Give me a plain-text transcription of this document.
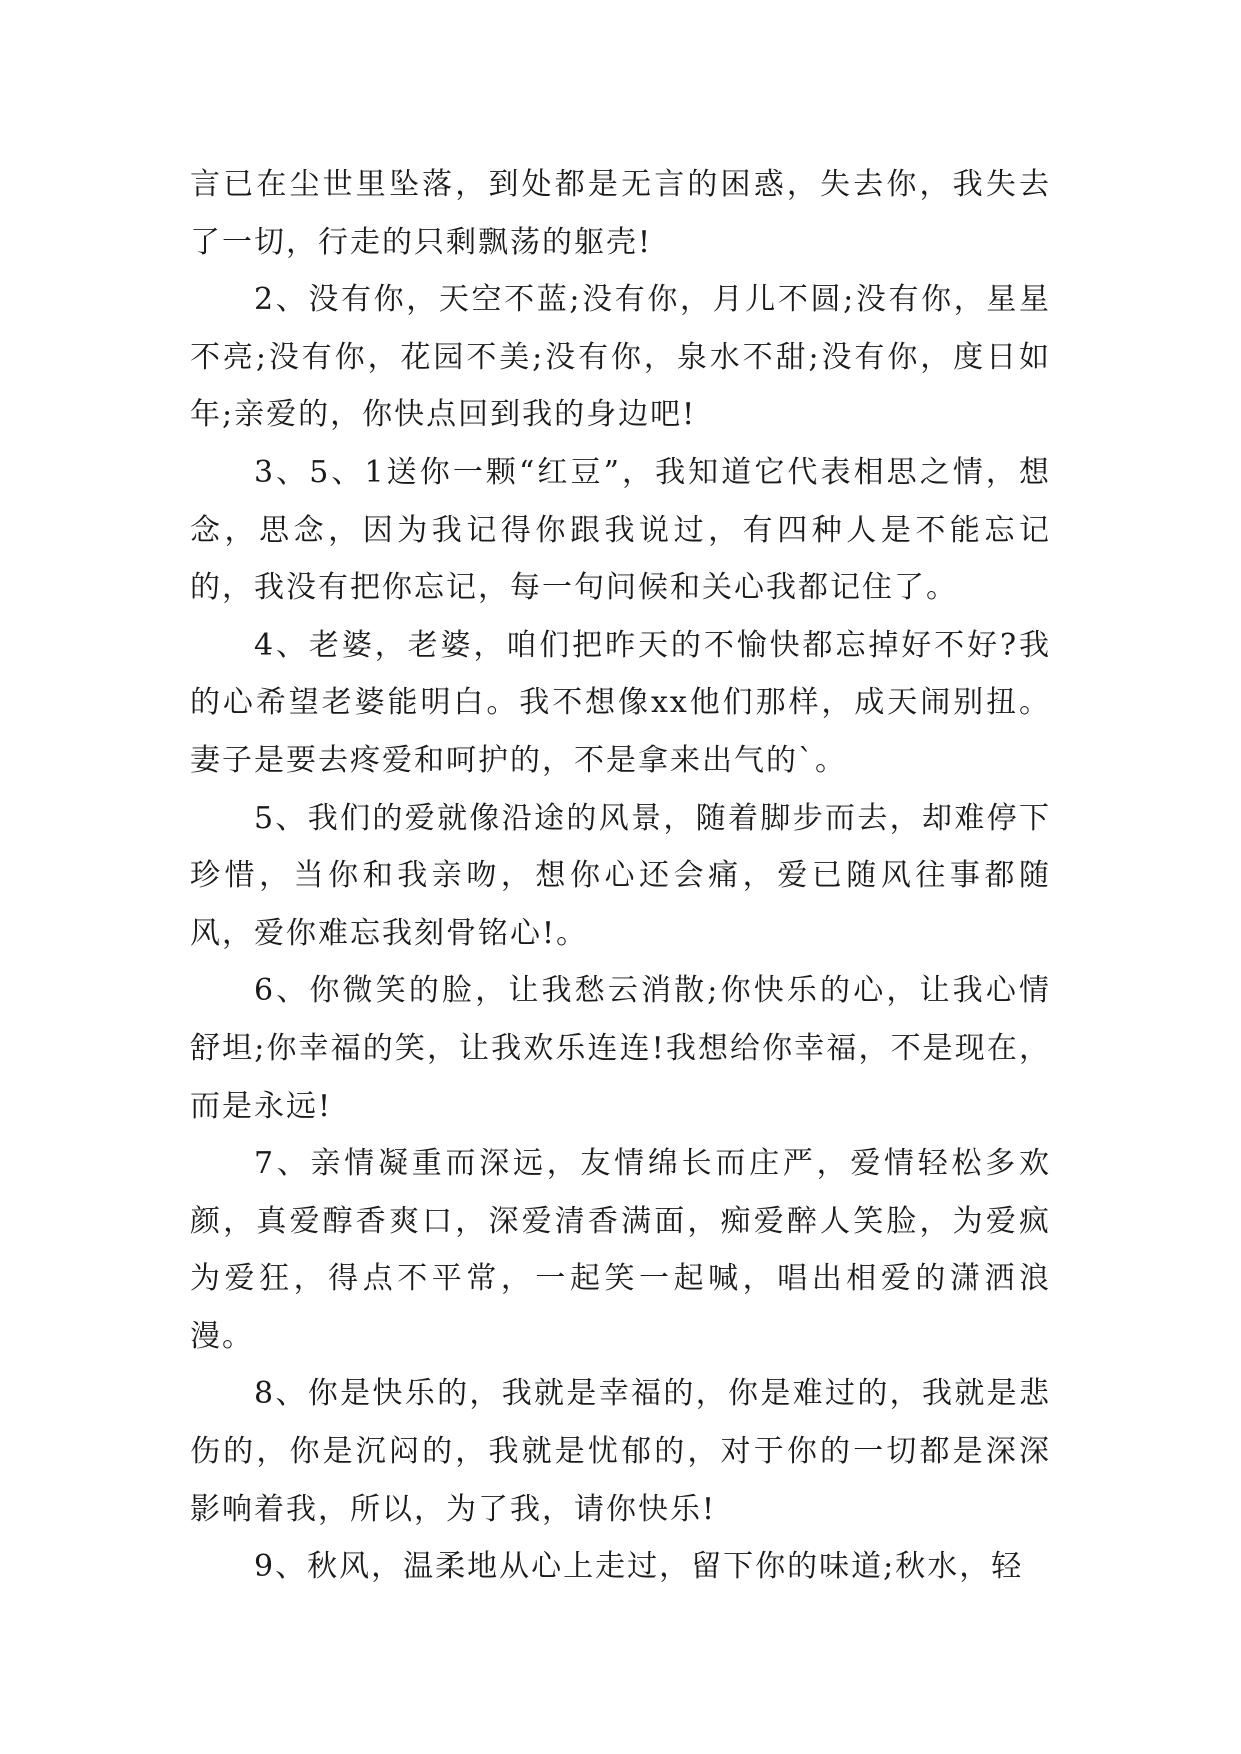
言已在尘世里坠落，到处都是无言的困惑，失去你，我失去了一切，行走的只剩飘荡的躯壳!

2、没有你，天空不蓝;没有你，月儿不圆;没有你，星星不亮;没有你，花园不美;没有你，泉水不甜;没有你，度日如年;亲爱的，你快点回到我的身边吧!

3、5、1送你一颗“红豆”，我知道它代表相思之情，想念，思念，因为我记得你跟我说过，有四种人是不能忘记的，我没有把你忘记，每一句问候和关心我都记住了。

4、老婆，老婆，咱们把昨天的不愉快都忘掉好不好?我的心希望老婆能明白。我不想像xx他们那样，成天闹别扭。妻子是要去疼爱和呵护的，不是拿来出气的`。

5、我们的爱就像沿途的风景，随着脚步而去，却难停下珍惜，当你和我亲吻，想你心还会痛，爱已随风往事都随风，爱你难忘我刻骨铭心!。

6、你微笑的脸，让我愁云消散;你快乐的心，让我心情舒坦;你幸福的笑，让我欢乐连连!我想给你幸福，不是现在，而是永远!

7、亲情凝重而深远，友情绵长而庄严，爱情轻松多欢颜，真爱醇香爽口，深爱清香满面，痴爱醉人笑脸，为爱疯为爱狂，得点不平常，一起笑一起喊，唱出相爱的潇洒浪漫。

8、你是快乐的，我就是幸福的，你是难过的，我就是悲伤的，你是沉闷的，我就是忧郁的，对于你的一切都是深深影响着我，所以，为了我，请你快乐!

9、秋风，温柔地从心上走过，留下你的味道;秋水，轻
